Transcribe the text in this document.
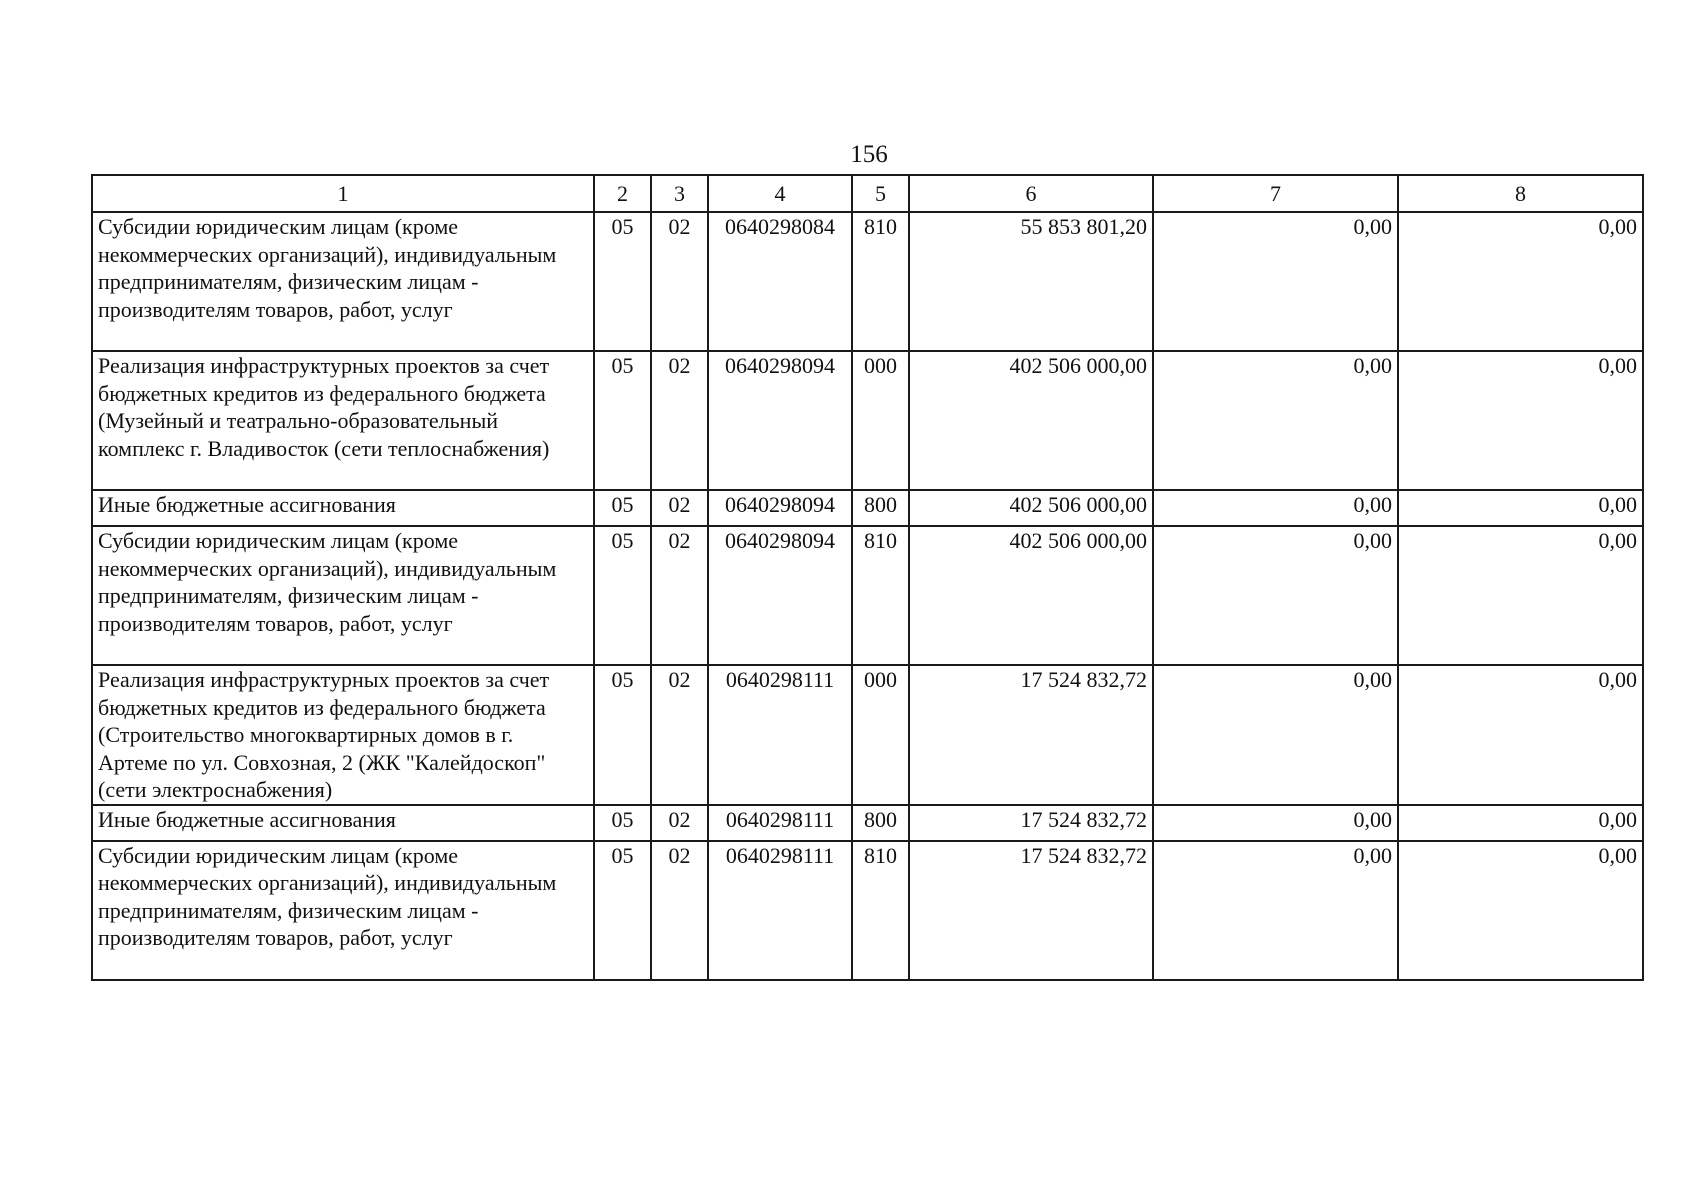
156
1	2	3	4	5	6	7	8
Субсидии юридическим лицам (кроме некоммерческих организаций), индивидуальным предпринимателям, физическим лицам - производителям товаров, работ, услуг	05	02	0640298084	810	55 853 801,20	0,00	0,00
Реализация инфраструктурных проектов за счет бюджетных кредитов из федерального бюджета (Музейный и театрально-образовательный комплекс г. Владивосток (сети теплоснабжения)	05	02	0640298094	000	402 506 000,00	0,00	0,00
Иные бюджетные ассигнования	05	02	0640298094	800	402 506 000,00	0,00	0,00
Субсидии юридическим лицам (кроме некоммерческих организаций), индивидуальным предпринимателям, физическим лицам - производителям товаров, работ, услуг	05	02	0640298094	810	402 506 000,00	0,00	0,00
Реализация инфраструктурных проектов за счет бюджетных кредитов из федерального бюджета (Строительство многоквартирных домов в г. Артеме по ул. Совхозная, 2 (ЖК "Калейдоскоп" (сети электроснабжения)	05	02	0640298111	000	17 524 832,72	0,00	0,00
Иные бюджетные ассигнования	05	02	0640298111	800	17 524 832,72	0,00	0,00
Субсидии юридическим лицам (кроме некоммерческих организаций), индивидуальным предпринимателям, физическим лицам - производителям товаров, работ, услуг	05	02	0640298111	810	17 524 832,72	0,00	0,00
